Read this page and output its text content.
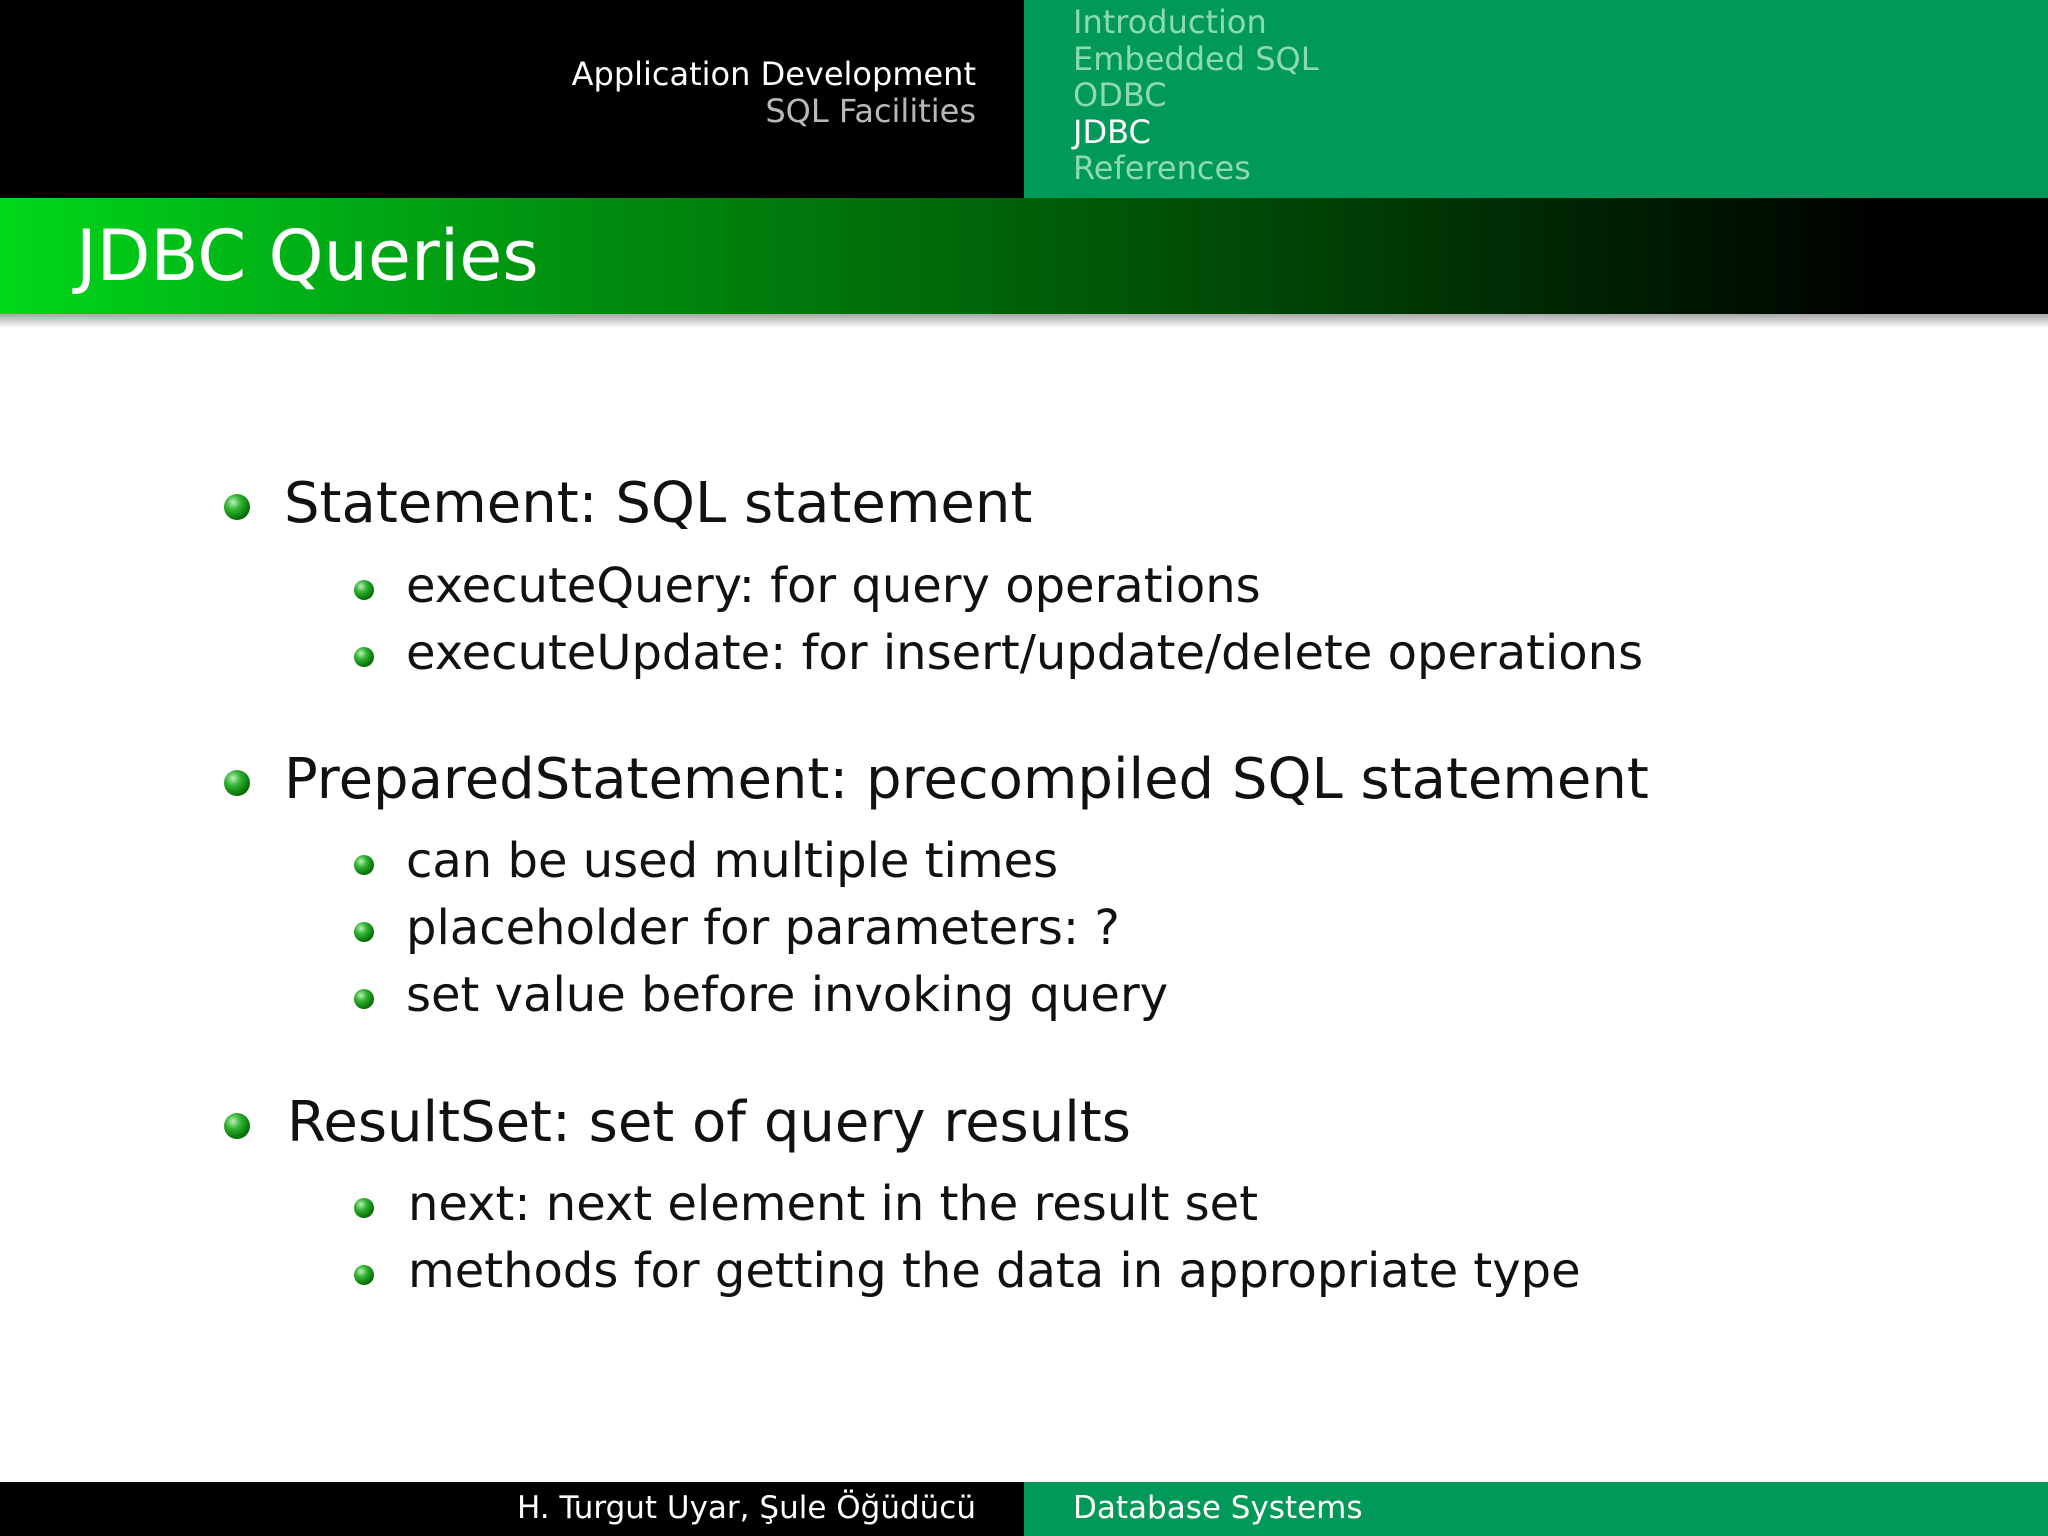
Application Development
SQL Facilities
Introduction
Embedded SQL
ODBC
JDBC
References
JDBC Queries
Statement: SQL statement
executeQuery: for query operations
executeUpdate: for insert/update/delete operations
PreparedStatement: precompiled SQL statement
can be used multiple times
placeholder for parameters: ?
set value before invoking query
ResultSet: set of query results
next: next element in the result set
methods for getting the data in appropriate type
H. Turgut Uyar, Şule Öğüdücü	Database Systems
